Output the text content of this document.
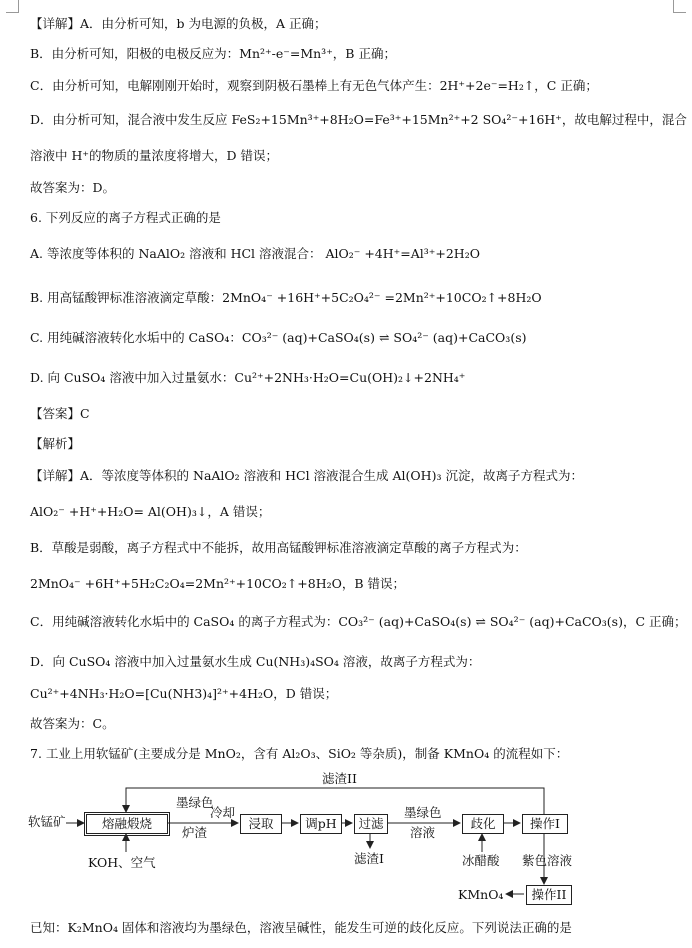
【详解】A．由分析可知，b 为电源的负极，A 正确；
B．由分析可知，阳极的电极反应为：Mn²⁺-e⁻=Mn³⁺，B 正确；
C．由分析可知，电解刚刚开始时，观察到阴极石墨棒上有无色气体产生：2H⁺+2e⁻=H₂↑，C 正确；
D．由分析可知，混合液中发生反应 FeS₂+15Mn³⁺+8H₂O=Fe³⁺+15Mn²⁺+2 SO₄²⁻+16H⁺，故电解过程中，混合
溶液中 H⁺的物质的量浓度将增大，D 错误；
故答案为：D。
6. 下列反应的离子方程式正确的是
A. 等浓度等体积的 NaAlO₂ 溶液和 HCl 溶液混合： AlO₂⁻ +4H⁺=Al³⁺+2H₂O
B. 用高锰酸钾标准溶液滴定草酸：2MnO₄⁻ +16H⁺+5C₂O₄²⁻ =2Mn²⁺+10CO₂↑+8H₂O
C. 用纯碱溶液转化水垢中的 CaSO₄：CO₃²⁻ (aq)+CaSO₄(s) ⇌ SO₄²⁻ (aq)+CaCO₃(s)
D. 向 CuSO₄ 溶液中加入过量氨水：Cu²⁺+2NH₃·H₂O=Cu(OH)₂↓+2NH₄⁺
【答案】C
【解析】
【详解】A．等浓度等体积的 NaAlO₂ 溶液和 HCl 溶液混合生成 Al(OH)₃ 沉淀，故离子方程式为：
AlO₂⁻ +H⁺+H₂O= Al(OH)₃↓，A 错误；
B．草酸是弱酸，离子方程式中不能拆，故用高锰酸钾标准溶液滴定草酸的离子方程式为：
2MnO₄⁻ +6H⁺+5H₂C₂O₄=2Mn²⁺+10CO₂↑+8H₂O，B 错误；
C．用纯碱溶液转化水垢中的 CaSO₄ 的离子方程式为：CO₃²⁻ (aq)+CaSO₄(s) ⇌ SO₄²⁻ (aq)+CaCO₃(s)，C 正确；
D．向 CuSO₄ 溶液中加入过量氨水生成 Cu(NH₃)₄SO₄ 溶液，故离子方程式为：
Cu²⁺+4NH₃·H₂O=[Cu(NH3)₄]²⁺+4H₂O，D 错误；
故答案为：C。
7. 工业上用软锰矿(主要成分是 MnO₂，含有 Al₂O₃、SiO₂ 等杂质)，制备 KMnO₄ 的流程如下：
软锰矿	熔融煅烧
墨绿色
炉渣
冷却
浸取	调pH	过滤
墨绿色
溶液
歧化	操作I
滤渣II
KOH、空气	滤渣I	冰醋酸 紫色溶液
操作II
KMnO₄
已知：K₂MnO₄ 固体和溶液均为墨绿色，溶液呈碱性，能发生可逆的歧化反应。下列说法正确的是
